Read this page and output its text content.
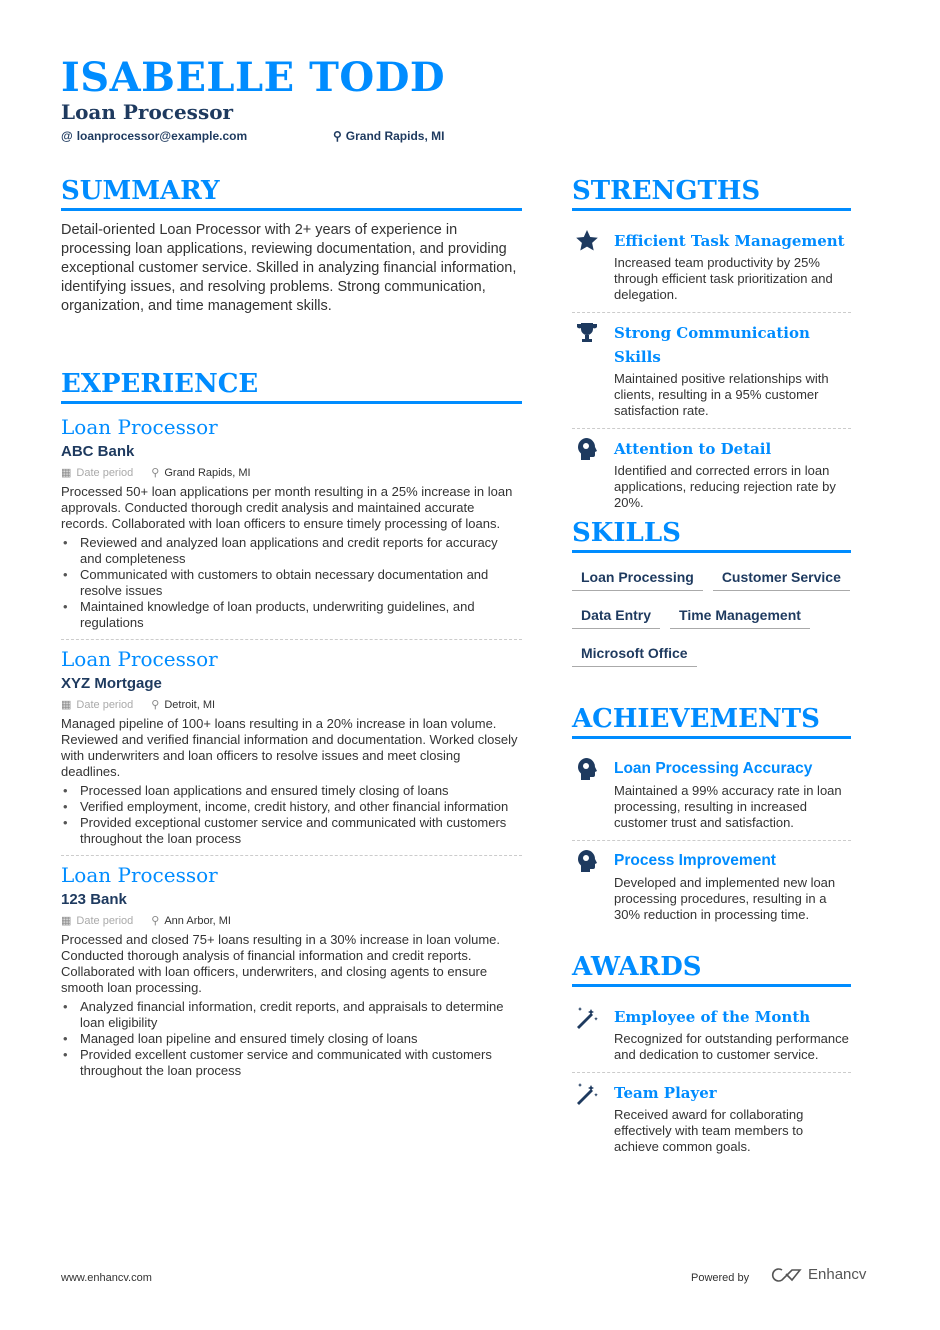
ISABELLE TODD
Loan Processor
@ loanprocessor@example.com	⚲ Grand Rapids, MI
SUMMARY
Detail-oriented Loan Processor with 2+ years of experience in processing loan applications, reviewing documentation, and providing exceptional customer service. Skilled in analyzing financial information, identifying issues, and resolving problems. Strong communication, organization, and time management skills.
EXPERIENCE
Loan Processor
ABC Bank
▦ Date period ⚲ Grand Rapids, MI
Processed 50+ loan applications per month resulting in a 25% increase in loan approvals. Conducted thorough credit analysis and maintained accurate records. Collaborated with loan officers to ensure timely processing of loans.
• Reviewed and analyzed loan applications and credit reports for accuracy and completeness
• Communicated with customers to obtain necessary documentation and resolve issues
• Maintained knowledge of loan products, underwriting guidelines, and regulations
Loan Processor
XYZ Mortgage
▦ Date period ⚲ Detroit, MI
Managed pipeline of 100+ loans resulting in a 20% increase in loan volume. Reviewed and verified financial information and documentation. Worked closely with underwriters and loan officers to resolve issues and meet closing deadlines.
• Processed loan applications and ensured timely closing of loans
• Verified employment, income, credit history, and other financial information
• Provided exceptional customer service and communicated with customers throughout the loan process
Loan Processor
123 Bank
▦ Date period ⚲ Ann Arbor, MI
Processed and closed 75+ loans resulting in a 30% increase in loan volume. Conducted thorough analysis of financial information and credit reports. Collaborated with loan officers, underwriters, and closing agents to ensure smooth loan processing.
• Analyzed financial information, credit reports, and appraisals to determine loan eligibility
• Managed loan pipeline and ensured timely closing of loans
• Provided excellent customer service and communicated with customers throughout the loan process
STRENGTHS
Efficient Task Management
Increased team productivity by 25% through efficient task prioritization and delegation.
Strong Communication Skills
Maintained positive relationships with clients, resulting in a 95% customer satisfaction rate.
Attention to Detail
Identified and corrected errors in loan applications, reducing rejection rate by 20%.
SKILLS
Loan Processing	Customer Service
Data Entry	Time Management
Microsoft Office
ACHIEVEMENTS
Loan Processing Accuracy
Maintained a 99% accuracy rate in loan processing, resulting in increased customer trust and satisfaction.
Process Improvement
Developed and implemented new loan processing procedures, resulting in a 30% reduction in processing time.
AWARDS
Employee of the Month
Recognized for outstanding performance and dedication to customer service.
Team Player
Received award for collaborating effectively with team members to achieve common goals.
www.enhancv.com	Powered by	Enhancv
